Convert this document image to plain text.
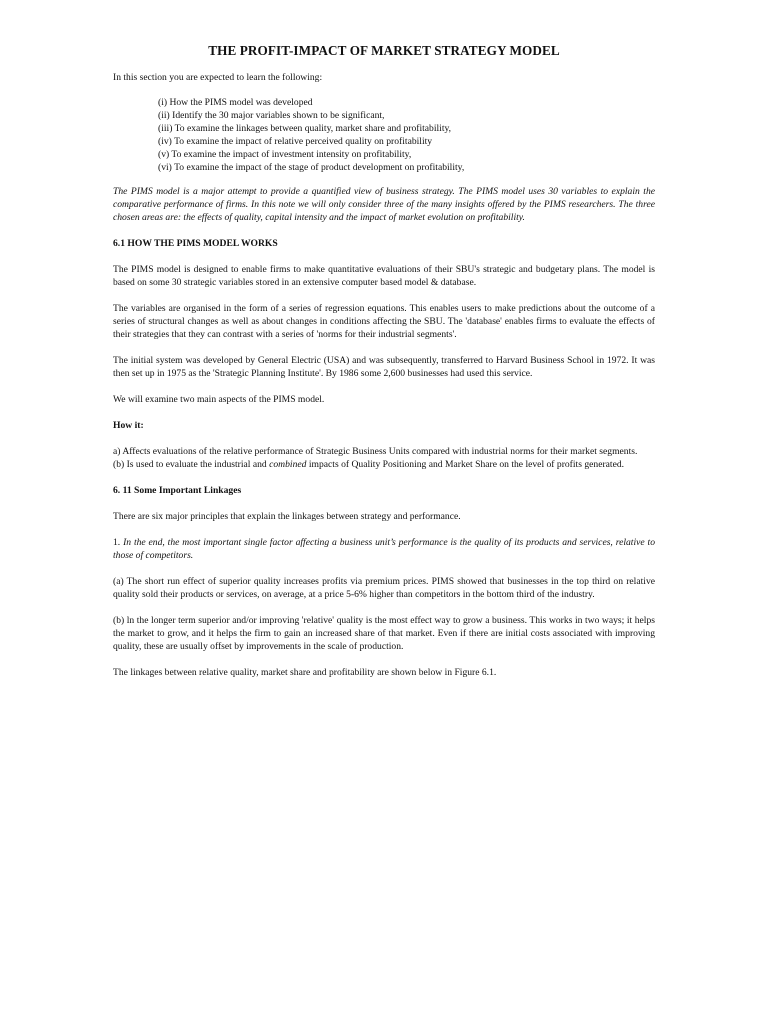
THE PROFIT-IMPACT OF MARKET STRATEGY MODEL

In this section you are expected to learn the following:

(i) How the PIMS model was developed
(ii) Identify the 30 major variables shown to be significant,
(iii) To examine the linkages between quality, market share and profitability,
(iv) To examine the impact of relative perceived quality on profitability
(v) To examine the impact of investment intensity on profitability,
(vi) To examine the impact of the stage of product development on profitability,

The PIMS model is a major attempt to provide a quantified view of business strategy. The PIMS model uses 30 variables to explain the comparative performance of firms. In this note we will only consider three of the many insights offered by the PIMS researchers. The three chosen areas are: the effects of quality, capital intensity and the impact of market evolution on profitability.

6.1 HOW THE PIMS MODEL WORKS

The PIMS model is designed to enable firms to make quantitative evaluations of their SBU's strategic and budgetary plans. The model is based on some 30 strategic variables stored in an extensive computer based model & database.

The variables are organised in the form of a series of regression equations. This enables users to make predictions about the outcome of a series of structural changes as well as about changes in conditions affecting the SBU. The 'database' enables firms to evaluate the effects of their strategies that they can contrast with a series of 'norms for their industrial segments'.

The initial system was developed by General Electric (USA) and was subsequently, transferred to Harvard Business School in 1972. It was then set up in 1975 as the 'Strategic Planning Institute'. By 1986 some 2,600 businesses had used this service.

We will examine two main aspects of the PIMS model.

How it:

a) Affects evaluations of the relative performance of Strategic Business Units compared with industrial norms for their market segments.

(b) Is used to evaluate the industrial and combined impacts of Quality Positioning and Market Share on the level of profits generated.

6. 11 Some Important Linkages

There are six major principles that explain the linkages between strategy and performance.

1. In the end, the most important single factor affecting a business unit’s performance is the quality of its products and services, relative to those of competitors.

(a) The short run effect of superior quality increases profits via premium prices. PIMS showed that businesses in the top third on relative quality sold their products or services, on average, at a price 5-6% higher than competitors in the bottom third of the industry.

(b) ln the longer term superior and/or improving 'relative' quality is the most effect way to grow a business. This works in two ways; it helps the market to grow, and it helps the firm to gain an increased share of that market. Even if there are initial costs associated with improving quality, these are usually offset by improvements in the scale of production.

The linkages between relative quality, market share and profitability are shown below in Figure 6.1.
